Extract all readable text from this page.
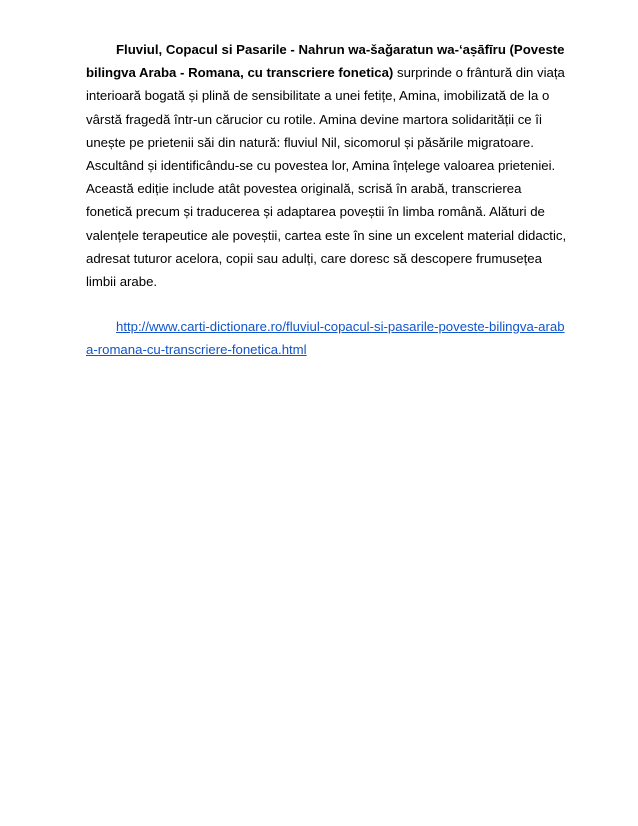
Fluviul, Copacul si Pasarile - Nahrun wa-šaǧaratun wa-‘aṣāfīru (Poveste bilingva Araba - Romana, cu transcriere fonetica) surprinde o frântură din viața interioară bogată și plină de sensibilitate a unei fetițe, Amina, imobilizată de la o vârstă fragedă într-un cărucior cu rotile. Amina devine martora solidarității ce îi unește pe prietenii săi din natură: fluviul Nil, sicomorul și păsările migratoare. Ascultând și identificându-se cu povestea lor, Amina înțelege valoarea prieteniei. Această ediție include atât povestea originală, scrisă în arabă, transcrierea fonetică precum și traducerea și adaptarea poveștii în limba română. Alături de valențele terapeutice ale poveștii, cartea este în sine un excelent material didactic, adresat tuturor acelora, copii sau adulți, care doresc să descopere frumusețea limbii arabe.

http://www.carti-dictionare.ro/fluviul-copacul-si-pasarile-poveste-bilingva-araba-romana-cu-transcriere-fonetica.html
